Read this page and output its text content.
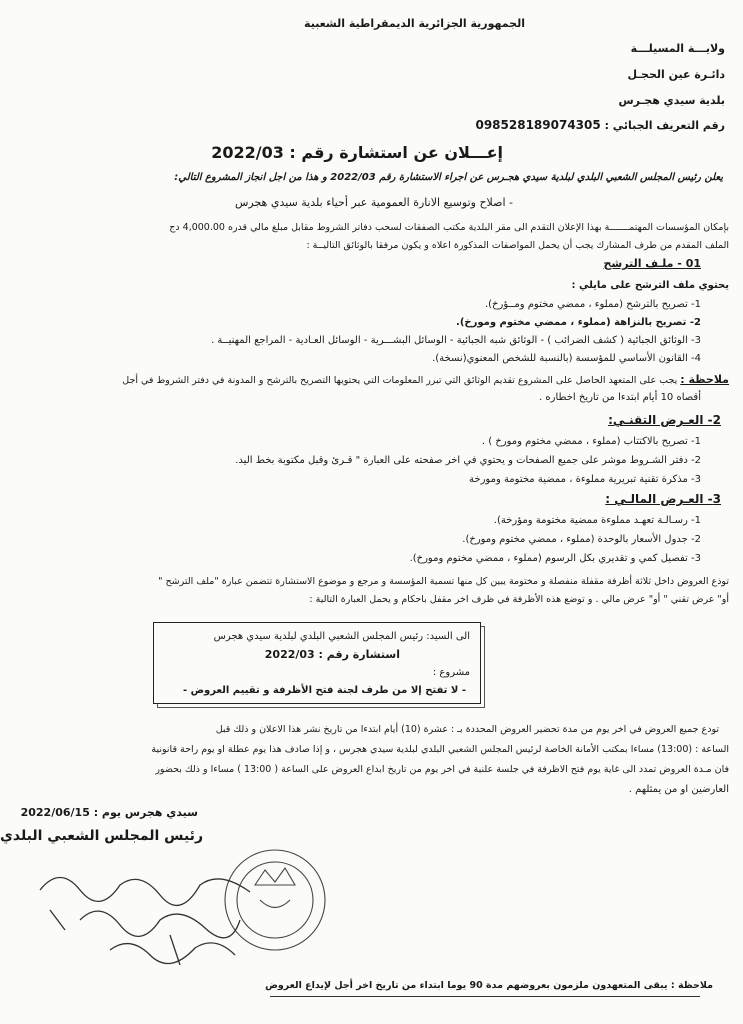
الجمهورية الجزائرية الديمقراطية الشعبية
ولايـــة المسيلـــة
دائـرة عين الحجـل
بلدية سيدي هجـرس
رقم التعريف الجبائي : 098528189074305
إعـــلان عن استشارة رقم : 2022/03
يعلن رئيس المجلس الشعبي البلدي لبلدية سيدي هجـرس عن اجراء الاستشارة رقم 2022/03 و هذا من اجل انجاز المشروع التالي:
- اصلاح وتوسيع الانارة العمومية عبر أحياء بلدية سيدي هجرس
بإمكان المؤسسات المهتمـــــــة بهذا الإعلان التقدم الى مقر البلدية مكتب الصفقات لسحب دفاتر الشروط مقابل مبلغ مالي قدره 4,000.00 دج
الملف المقدم من طرف المشارك يجب أن يحمل المواصفات المذكورة اعلاه و يكون مرفقا بالوثائق التاليــة :
01 - ملـف الترشح
يحتوي ملف الترشح على مايلي :
1- تصريح بالترشح (مملوء ، ممضي مختوم ومــؤرخ).
2- تصريح بالنزاهة (مملوء ، ممضي مختوم ومورخ).
3- الوثائق الجبائية ( كشف الضرائب ) - الوثائق شبه الجبائية - الوسائل البشـــرية - الوسائل العـادية - المراجع المهنيــة .
4- القانون الأساسي للمؤسسة (بالنسبة للشخص المعنوي(نسخة).
ملاحظة : يجب على المتعهد الحاصل على المشروع تقديم الوثائق التي تبرر المعلومات التي يحتويها التصريح بالترشح و المدونة في دفتر الشروط في أجل
أقصاه 10 أيام ابتدءا من تاريخ اخطاره .
2- العـرض التقنـي:
1- تصريح بالاكتتاب (مملوء ، ممضي مختوم ومورخ ) .
2- دفتر الشـروط موشر على جميع الصفحات و يحتوي في اخر صفحته على العبارة " قـرئ وقبل مكتوبة بخط اليد.
3- مذكرة تقنية تبريرية مملوءة ، ممضية مختومة ومورخة
3- العـرض المالـي :
1- رسـالـة تعهـد مملوءة ممضية مختومة ومؤرخة).
2- جدول الأسعار بالوحدة (مملوء ، ممضي مختوم ومورخ).
3- تفصيل كمي و تقديري بكل الرسوم (مملوء ، ممضي مختوم ومورخ).
توذع العروض داخل ثلاثة أظرفة مقفلة منفصلة و مختومة يبين كل منها تسمية المؤسسة و مرجع و موضوع الاستشارة تتضمن عبارة "ملف الترشح "
أو" عرض تقني " أو" عرض مالي . و توضع هذه الأظرفة في ظرف اخر مقفل باحكام و يحمل العبارة التالية :
الى السيد: رئيس المجلس الشعبي البلدي لبلدية سيدي هجرس
استشارة رقم : 2022/03
مشروع :
- لا تفتح إلا من طرف لجنة فتح الأظرفة و تقييم العروض -
تودع جميع العروض في اخر يوم من مدة تحضير العروض المحددة بـ : عشرة (10) أيام ابتدءا من تاريخ نشر هذا الاعلان و ذلك قبل
الساعة : (13:00) مساءا بمكتب الأمانة الخاصة لرئيس المجلس الشعبي البلدي لبلدية سيدي هجرس ، و إذا صادف هذا يوم عطلة او يوم راحة قانونية
فان مـدة العروض تمدد الى غاية يوم فتح الاظرفة في جلسة علنية في اخر يوم من تاريخ ابداع العروض على الساعة ( 13:00 ) مساءا و ذلك بحضور
العارضين او من يمثلهم .
سيدي هجرس يوم : 2022/06/15
رئيس المجلس الشعبي البلدي
ملاحظة : يبقى المتعهدون ملزمون بعروضهم مدة 90 يوما ابتداء من تاريخ اخر أجل لإيداع العروض
